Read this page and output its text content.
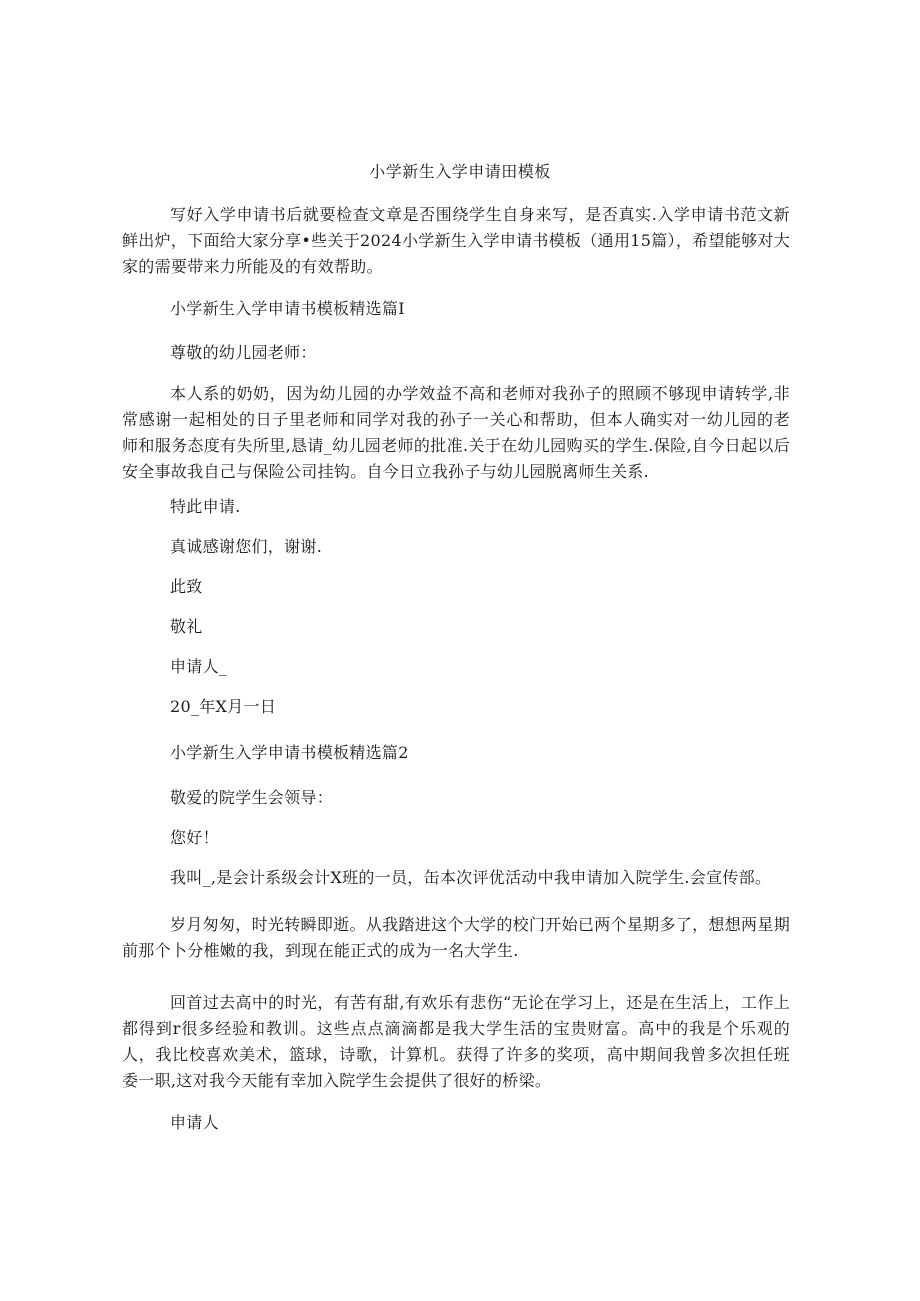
小学新生入学申请田模板
写好入学申请书后就要检查文章是否围绕学生自身来写，是否真实.入学申请书范文新鲜出炉，下面给大家分享•些关于2024小学新生入学申请书模板（通用15篇），希望能够对大家的需要带来力所能及的有效帮助。
小学新生入学申请书模板精选篇I
尊敬的幼儿园老师：
本人系的奶奶，因为幼儿园的办学效益不高和老师对我孙子的照顾不够现申请转学,非常感谢一起相处的日子里老师和同学对我的孙子一关心和帮助，但本人确实对一幼儿园的老师和服务态度有失所里,恳请_幼儿园老师的批准.关于在幼儿园购买的学生.保险,自今日起以后安全事故我自己与保险公司挂钩。自今日立我孙子与幼儿园脱离师生关系.
特此申请.
真诚感谢您们，谢谢.
此致
敬礼
申请人_
20_年X月一日
小学新生入学申请书模板精选篇2
敬爱的院学生会领导：
您好！
我叫_,是会计系级会计X班的一员，缶本次评优活动中我申请加入院学生.会宣传部。
岁月匆匆，时光转瞬即逝。从我踏进这个大学的校门开始已两个星期多了，想想两星期前那个卜分椎嫩的我，到现在能正式的成为一名大学生.
回首过去高中的时光，有苦有甜,有欢乐有悲伤“无论在学习上，还是在生活上，工作上都得到r很多经验和教训。这些点点滴滴都是我大学生活的宝贵财富。高中的我是个乐观的人，我比校喜欢美术，篮球，诗歌，计算机。获得了许多的奖项，高中期间我曾多次担任班委一职,这对我今天能有幸加入院学生会提供了很好的桥梁。
申请人
